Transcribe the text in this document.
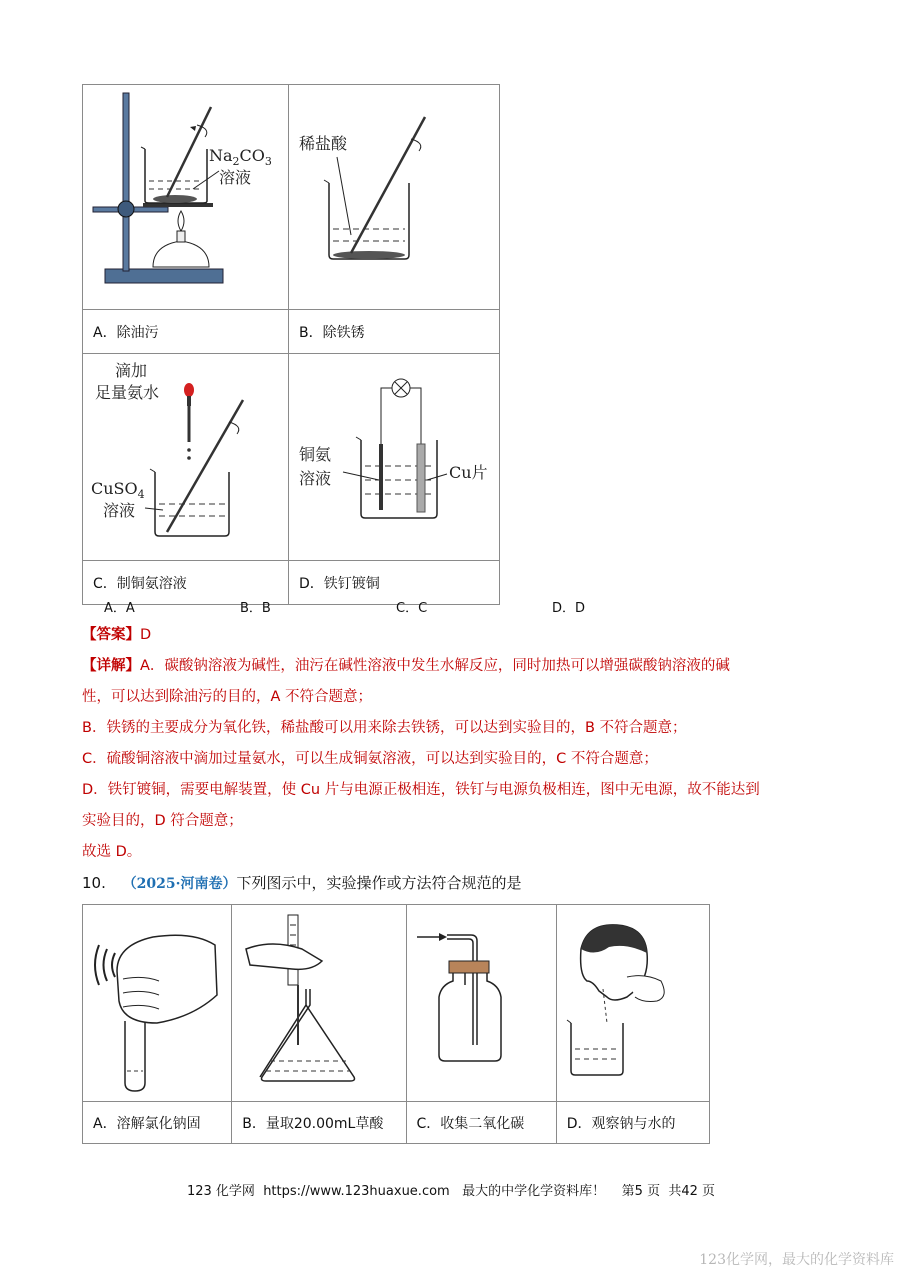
$Na_2CO_3$
溶液	稀盐酸

A．除油污	B．除铁锈

滴加
足量氨水
CuSO$_4$
溶液	铜氨
溶液 Cu片

C．制铜氨溶液	D．铁钉镀铜
A．A	B．B	C．C	D．D
【答案】D
【详解】A．碳酸钠溶液为碱性，油污在碱性溶液中发生水解反应，同时加热可以增强碳酸钠溶液的碱
性，可以达到除油污的目的，A 不符合题意；
B．铁锈的主要成分为氧化铁，稀盐酸可以用来除去铁锈，可以达到实验目的，B 不符合题意；
C．硫酸铜溶液中滴加过量氨水，可以生成铜氨溶液，可以达到实验目的，C 不符合题意；
D．铁钉镀铜，需要电解装置，使 Cu 片与电源正极相连，铁钉与电源负极相连，图中无电源，故不能达到
实验目的，D 符合题意；
故选 D。
10. （2025·河南卷）下列图示中，实验操作或方法符合规范的是

A．溶解氯化钠固	B．量取20.00mL草酸	C．收集二氧化碳	D．观察钠与水的
123 化学网 https://www.123huaxue.com 最大的中学化学资料库！ 第5 页 共42 页
123化学网，最大的化学资料库
